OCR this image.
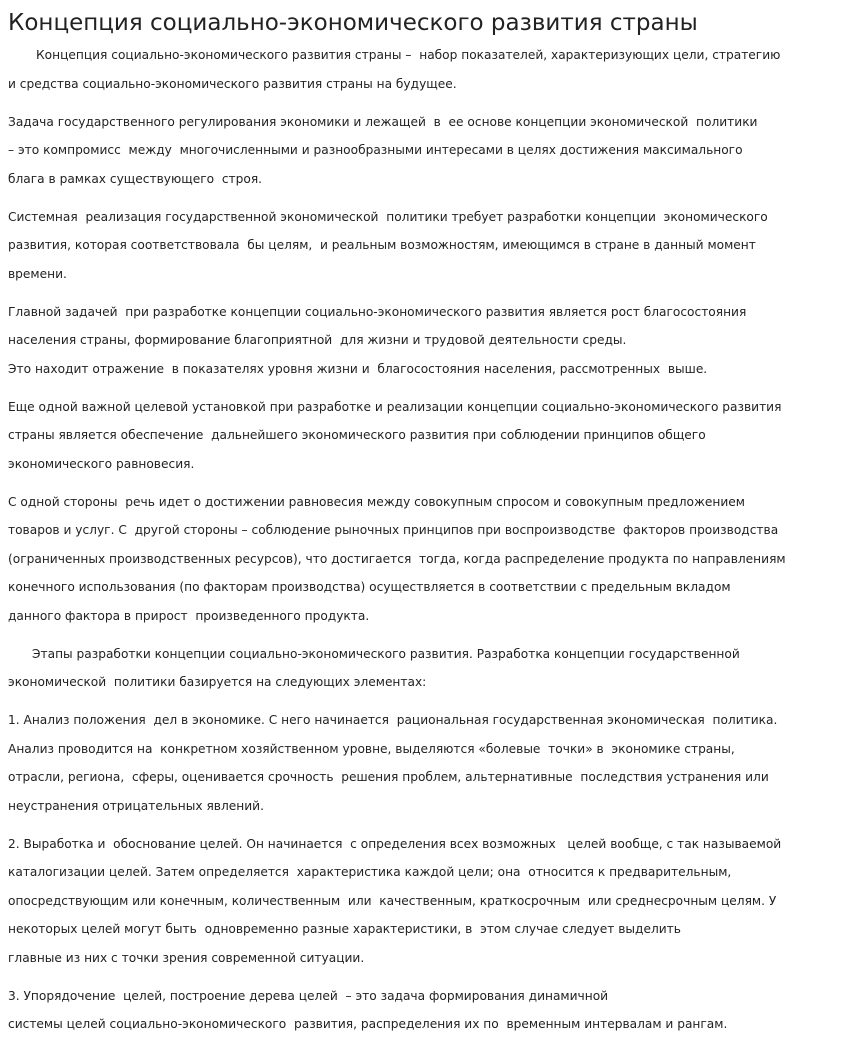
Концепция социально-экономического развития страны
Концепция социально-экономического развития страны –  набор показателей, характеризующих цели, стратегию
и средства социально-экономического развития страны на будущее.
Задача государственного регулирования экономики и лежащей  в  ее основе концепции экономической  политики
– это компромисс  между  многочисленными и разнообразными интересами в целях достижения максимального
блага в рамках существующего  строя.
Системная  реализация государственной экономической  политики требует разработки концепции  экономического
развития, которая соответствовала  бы целям,  и реальным возможностям, имеющимся в стране в данный момент
времени.
Главной задачей  при разработке концепции социально-экономического развития является рост благосостояния
населения страны, формирование благоприятной  для жизни и трудовой деятельности среды.
Это находит отражение  в показателях уровня жизни и  благосостояния населения, рассмотренных  выше.
Еще одной важной целевой установкой при разработке и реализации концепции социально-экономического развития
страны является обеспечение  дальнейшего экономического развития при соблюдении принципов общего
экономического равновесия.
С одной стороны  речь идет о достижении равновесия между совокупным спросом и совокупным предложением
товаров и услуг. С  другой стороны – соблюдение рыночных принципов при воспроизводстве  факторов производства
(ограниченных производственных ресурсов), что достигается  тогда, когда распределение продукта по направлениям
конечного использования (по факторам производства) осуществляется в соответствии с предельным вкладом
данного фактора в прирост  произведенного продукта.
Этапы разработки концепции социально-экономического развития. Разработка концепции государственной
экономической  политики базируется на следующих элементах:
1. Анализ положения  дел в экономике. С него начинается  рациональная государственная экономическая  политика.
Анализ проводится на  конкретном хозяйственном уровне, выделяются «болевые  точки» в  экономике страны,
отрасли, региона,  сферы, оценивается срочность  решения проблем, альтернативные  последствия устранения или
неустранения отрицательных явлений.
2. Выработка и  обоснование целей. Он начинается  с определения всех возможных   целей вообще, с так называемой
каталогизации целей. Затем определяется  характеристика каждой цели; она  относится к предварительным,
опосредствующим или конечным, количественным  или  качественным, краткосрочным  или среднесрочным целям. У
некоторых целей могут быть  одновременно разные характеристики, в  этом случае следует выделить
главные из них с точки зрения современной ситуации.
3. Упорядочение  целей, построение дерева целей  – это задача формирования динамичной
системы целей социально-экономического  развития, распределения их по  временным интервалам и рангам.
